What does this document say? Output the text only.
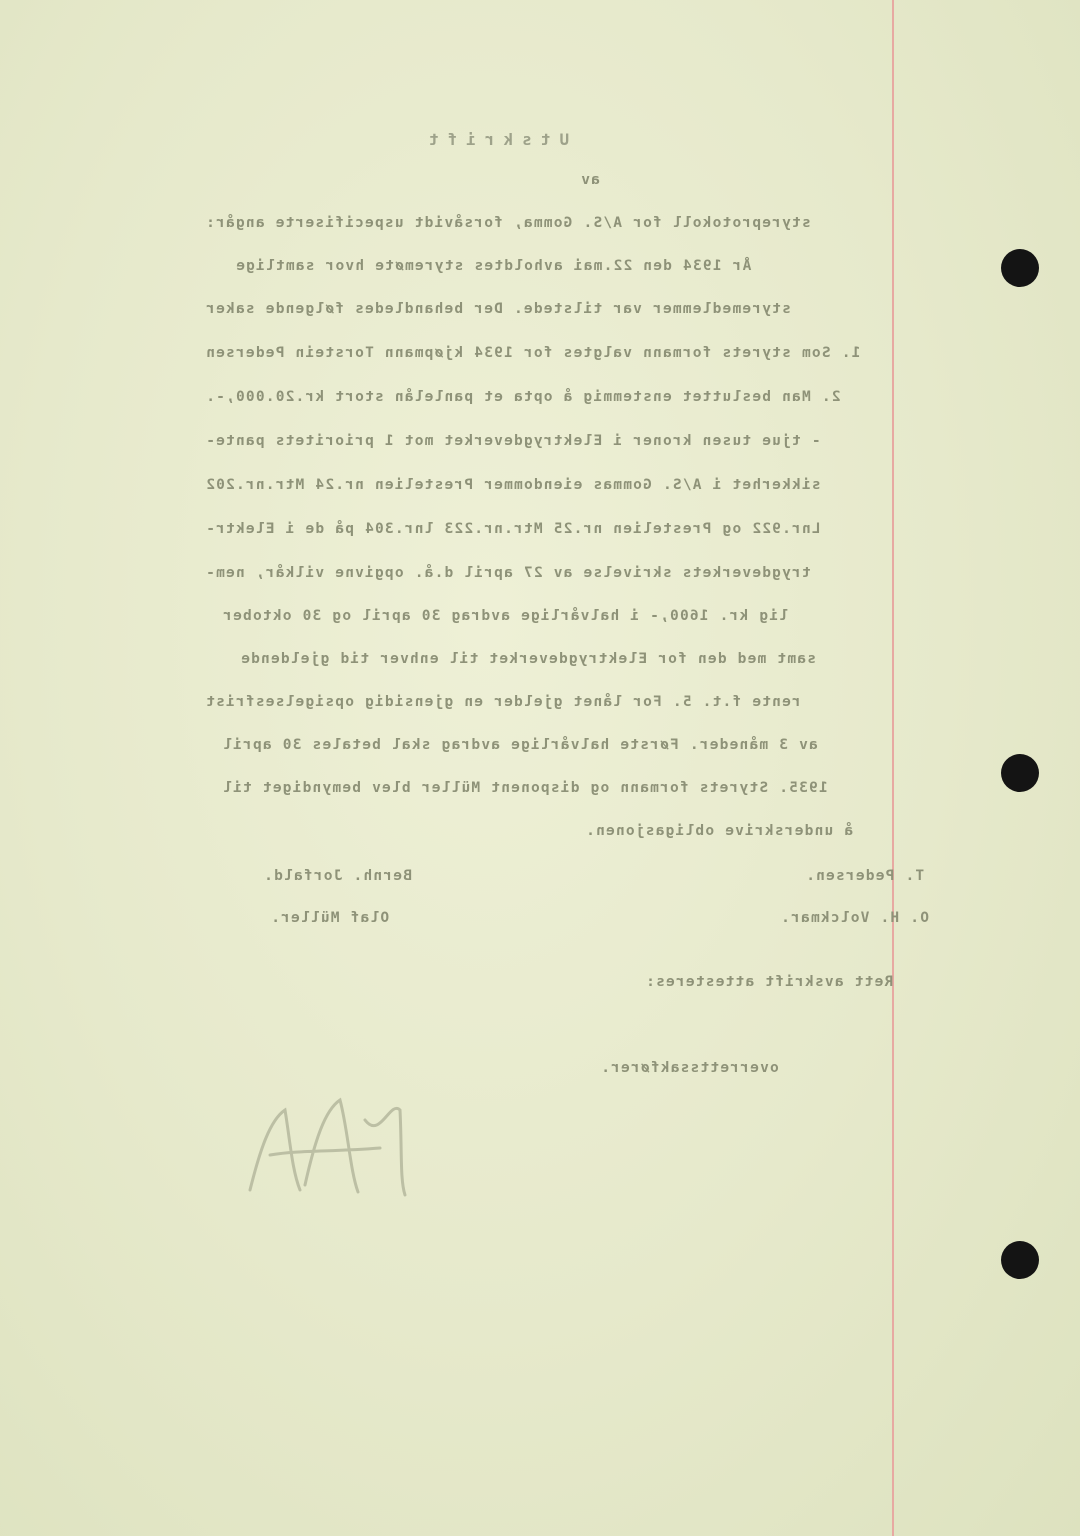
Utskrift
av
styreprotokoll for A/S. Gomma, forsåvidt uspecifiserte angår:
År 1934 den 22.mai avholdtes styremøte hvor samtlige
styremedlemmer var tilstede. Der behandledes følgende saker
1. Som styrets formann valgtes for 1934 kjøpmann Torstein Pedersen
2. Man besluttet enstemmig å opta et panlelån stort kr.20.000,-.
- tjue tusen kroner i Elektrygdeverket mot 1 prioritets pante-
sikkerhet i A/S. Gommas eiendommer Prestelien nr.24 Mtr.nr.202
Lnr.922 og Prestelien nr.25 Mtr.nr.223 lnr.304 på de i Elektr-
trygdeverkets skrivelse av 27 april d.å. opgivne vilkår, nem-
lig kr. 1600,- i halvårlige avdrag 30 april og 30 oktober
samt med den for Elektrygdeverket til enhver tid gjeldende
rente f.t. 5. For lånet gjelder en gjensidig opsigelsesfrist
av 3 måneder. Første halvårlige avdrag skal betales 30 april
1935. Styrets formann og disponent Müller blev bemyndiget til
å underskrive obligasjonen.
T. Pedersen.
Bernh. Jorfald.
O. H. Volckmar.
Olaf Müller.
Rett avskrift attesteres:
overrettssakfører.
